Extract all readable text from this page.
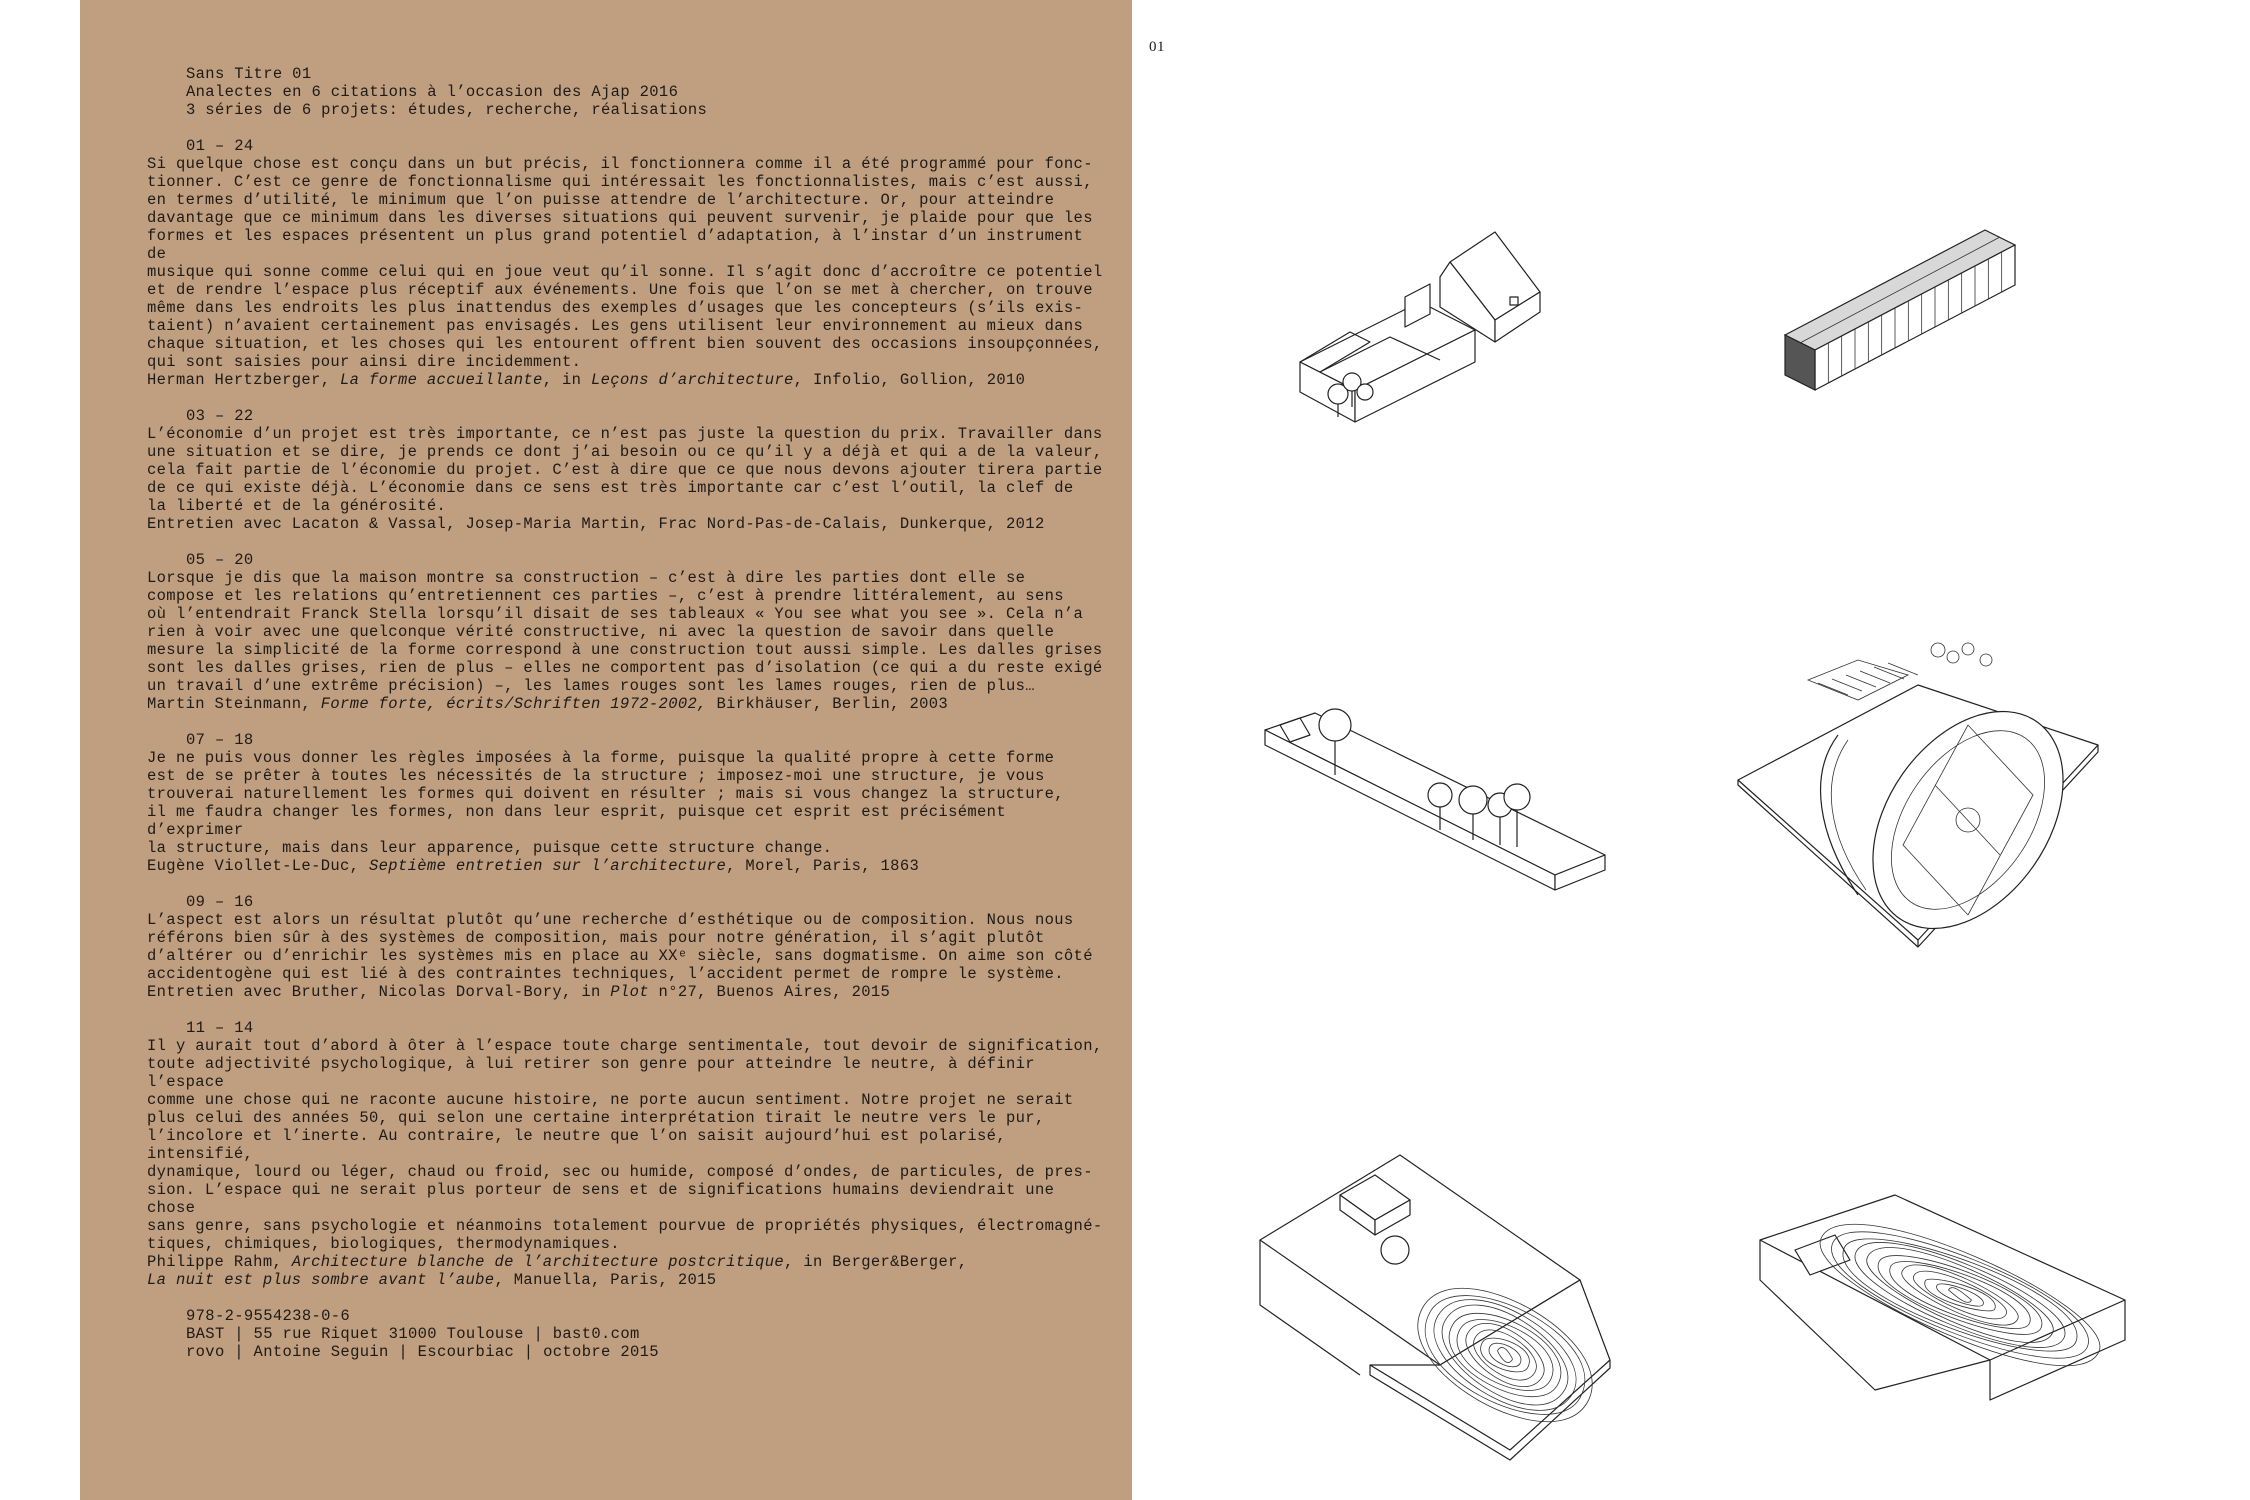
Sans Titre 01
Analectes en 6 citations à l’occasion des Ajap 2016
3 séries de 6 projets: études, recherche, réalisations
01 – 24
Si quelque chose est conçu dans un but précis, il fonctionnera comme il a été programmé pour fonc-
tionner. C’est ce genre de fonctionnalisme qui intéressait les fonctionnalistes, mais c’est aussi,
en termes d’utilité, le minimum que l’on puisse attendre de l’architecture. Or, pour atteindre
davantage que ce minimum dans les diverses situations qui peuvent survenir, je plaide pour que les
formes et les espaces présentent un plus grand potentiel d’adaptation, à l’instar d’un instrument de
musique qui sonne comme celui qui en joue veut qu’il sonne. Il s’agit donc d’accroître ce potentiel
et de rendre l’espace plus réceptif aux événements. Une fois que l’on se met à chercher, on trouve
même dans les endroits les plus inattendus des exemples d’usages que les concepteurs (s’ils exis-
taient) n’avaient certainement pas envisagés. Les gens utilisent leur environnement au mieux dans
chaque situation, et les choses qui les entourent offrent bien souvent des occasions insoupçonnées,
qui sont saisies pour ainsi dire incidemment.
Herman Hertzberger, La forme accueillante, in Leçons d’architecture, Infolio, Gollion, 2010
03 – 22
L’économie d’un projet est très importante, ce n’est pas juste la question du prix. Travailler dans
une situation et se dire, je prends ce dont j’ai besoin ou ce qu’il y a déjà et qui a de la valeur,
cela fait partie de l’économie du projet. C’est à dire que ce que nous devons ajouter tirera partie
de ce qui existe déjà. L’économie dans ce sens est très importante car c’est l’outil, la clef de
la liberté et de la générosité.
Entretien avec Lacaton & Vassal, Josep-Maria Martin, Frac Nord-Pas-de-Calais, Dunkerque, 2012
05 – 20
Lorsque je dis que la maison montre sa construction – c’est à dire les parties dont elle se
compose et les relations qu’entretiennent ces parties –, c’est à prendre littéralement, au sens
où l’entendrait Franck Stella lorsqu’il disait de ses tableaux « You see what you see ». Cela n’a
rien à voir avec une quelconque vérité constructive, ni avec la question de savoir dans quelle
mesure la simplicité de la forme correspond à une construction tout aussi simple. Les dalles grises
sont les dalles grises, rien de plus – elles ne comportent pas d’isolation (ce qui a du reste exigé
un travail d’une extrême précision) –, les lames rouges sont les lames rouges, rien de plus…
Martin Steinmann, Forme forte, écrits/Schriften 1972-2002, Birkhäuser, Berlin, 2003
07 – 18
Je ne puis vous donner les règles imposées à la forme, puisque la qualité propre à cette forme
est de se prêter à toutes les nécessités de la structure ; imposez-moi une structure, je vous
trouverai naturellement les formes qui doivent en résulter ; mais si vous changez la structure,
il me faudra changer les formes, non dans leur esprit, puisque cet esprit est précisément d’exprimer
la structure, mais dans leur apparence, puisque cette structure change.
Eugène Viollet-Le-Duc, Septième entretien sur l’architecture, Morel, Paris, 1863
09 – 16
L’aspect est alors un résultat plutôt qu’une recherche d’esthétique ou de composition. Nous nous
référons bien sûr à des systèmes de composition, mais pour notre génération, il s’agit plutôt
d’altérer ou d’enrichir les systèmes mis en place au XXᵉ siècle, sans dogmatisme. On aime son côté
accidentogène qui est lié à des contraintes techniques, l’accident permet de rompre le système.
Entretien avec Bruther, Nicolas Dorval-Bory, in Plot n°27, Buenos Aires, 2015
11 – 14
Il y aurait tout d’abord à ôter à l’espace toute charge sentimentale, tout devoir de signification,
toute adjectivité psychologique, à lui retirer son genre pour atteindre le neutre, à définir l’espace
comme une chose qui ne raconte aucune histoire, ne porte aucun sentiment. Notre projet ne serait
plus celui des années 50, qui selon une certaine interprétation tirait le neutre vers le pur,
l’incolore et l’inerte. Au contraire, le neutre que l’on saisit aujourd’hui est polarisé, intensifié,
dynamique, lourd ou léger, chaud ou froid, sec ou humide, composé d’ondes, de particules, de pres-
sion. L’espace qui ne serait plus porteur de sens et de significations humains deviendrait une chose
sans genre, sans psychologie et néanmoins totalement pourvue de propriétés physiques, électromagné-
tiques, chimiques, biologiques, thermodynamiques.
Philippe Rahm, Architecture blanche de l’architecture postcritique, in Berger&Berger,
La nuit est plus sombre avant l’aube, Manuella, Paris, 2015
978-2-9554238-0-6
BAST | 55 rue Riquet 31000 Toulouse | bast0.com
rovo | Antoine Seguin | Escourbiac | octobre 2015
01
